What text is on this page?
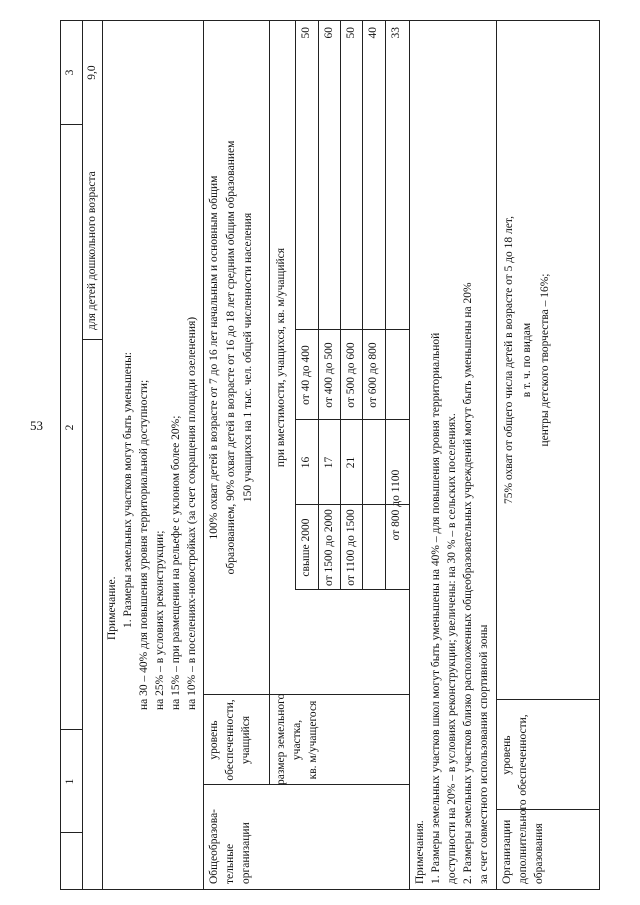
53
1
2
3
для детей дошкольного возраста
9,0
Примечание. 1. Размеры земельных участков могут быть уменьшены: на 30 – 40% для повышения уровня территориальной доступности; на 25% – в условиях реконструкции; на 15% – при размещении на рельефе с уклоном более 20%; на 10% – в поселениях-новостройках (за счет сокращения площади озеленения)
Общеобразова- тельные организации
уровень обеспеченности, учащийся
100% охват детей в возрасте от 7 до 16 лет начальным и основным общим образованием, 90% охват детей в возрасте от 16 до 18 лет средним общим образованием 150 учащихся на 1 тыс. чел. общей численности населения
размер земельного участка, кв. м/учащегося
при вместимости, учащихся, кв. м/учащийся от 40 до 400
50
от 400 до 500
60
от 500 до 600
50
от 600 до 800
40
от 800 до 1100
33
Примечания. 1. Размеры земельных участков школ могут быть уменьшены на 40% – для повышения уровня территориальной доступности на 20% – в условиях реконструкции; увеличены: на 30 % – в сельских поселениях. 2. Размеры земельных участков близко расположенных общеобразовательных учреждений могут быть уменьшены на 20% за счет совместного использования спортивной зоны Организации дополнительного образования
уровень обеспеченности,
75% охват от общего числа детей в возрасте от 5 до 18 лет, в т. ч. по видам центры детского творчества – 16%;
свыше 2000
16
от 1500 до 2000
17
от 1100 до 1500
21
